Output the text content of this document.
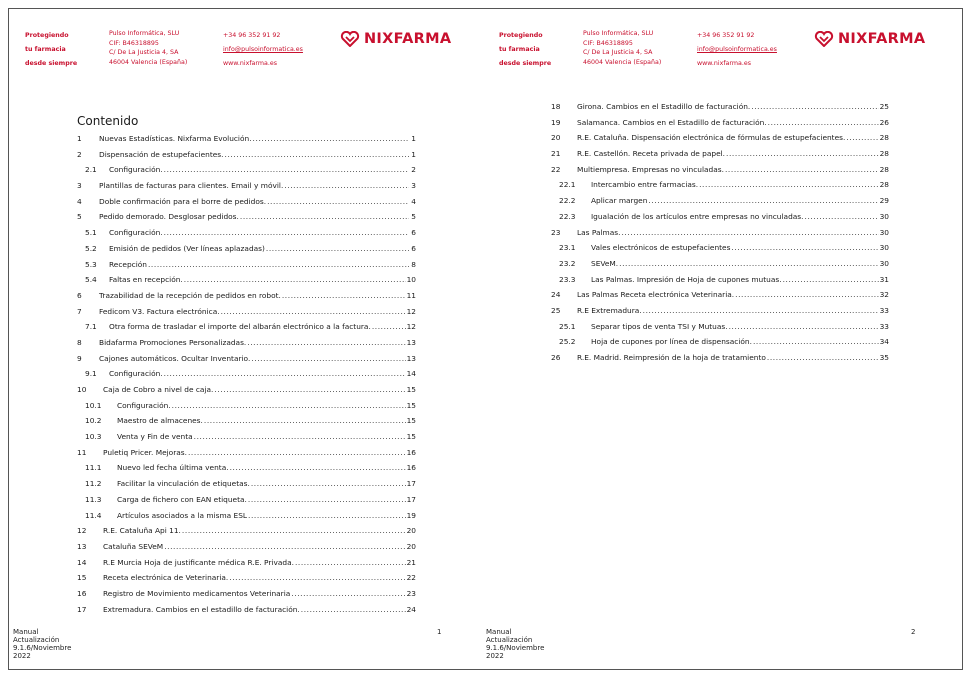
Protegiendo
tu farmacia
desde siempre
Pulso Informática, SLU
CIF: B46318895
C/ De La Justicia 4, SA
46004 Valencia (España)
+34 96 352 91 92
info@pulsoinformatica.es
www.nixfarma.es
NIXFARMA
Contenido
1	Nuevas Estadísticas. Nixfarma Evolución. .....	1
2	Dispensación de estupefacientes. .....	1
2.1	Configuración. .....	2
3	Plantillas de facturas para clientes. Email y móvil. .....	3
4	Doble confirmación para el borre de pedidos. .....	4
5	Pedido demorado. Desglosar pedidos. .....	5
5.1	Configuración. .....	6
5.2	Emisión de pedidos (Ver líneas aplazadas) .....	6
5.3	Recepción .....	8
5.4	Faltas en recepción. .....	10
6	Trazabilidad de la recepción de pedidos en robot. .....	11
7	Fedicom V3. Factura electrónica. .....	12
7.1	Otra forma de trasladar el importe del albarán electrónico a la factura. .....	12
8	Bidafarma Promociones Personalizadas. .....	13
9	Cajones automáticos. Ocultar Inventario. .....	13
9.1	Configuración. .....	14
10	Caja de Cobro a nivel de caja. .....	15
10.1	Configuración. .....	15
10.2	Maestro de almacenes. .....	15
10.3	Venta y Fin de venta .....	15
11	Puletiq Pricer. Mejoras. .....	16
11.1	Nuevo led fecha última venta. .....	16
11.2	Facilitar la vinculación de etiquetas. .....	17
11.3	Carga de fichero con EAN etiqueta. .....	17
11.4	Artículos asociados a la misma ESL .....	19
12	R.E. Cataluña Api 11. .....	20
13	Cataluña SEVeM .....	20
14	R.E Murcia Hoja de justificante médica R.E. Privada. .....	21
15	Receta electrónica de Veterinaria. .....	22
16	Registro de Movimiento medicamentos Veterinaria .....	23
17	Extremadura. Cambios en el estadillo de facturación. .....	24
Manual Actualización 9.1.6/Noviembre 2022
1
Protegiendo
tu farmacia
desde siempre
Pulso Informática, SLU
CIF: B46318895
C/ De La Justicia 4, SA
46004 Valencia (España)
+34 96 352 91 92
info@pulsoinformatica.es
www.nixfarma.es
NIXFARMA
18	Girona. Cambios en el Estadillo de facturación. .....	25
19	Salamanca. Cambios en el Estadillo de facturación. .....	26
20	R.E. Cataluña. Dispensación electrónica de fórmulas de estupefacientes. .....	28
21	R.E. Castellón. Receta privada de papel. .....	28
22	Multiempresa. Empresas no vinculadas. .....	28
22.1	Intercambio entre farmacias. .....	28
22.2	Aplicar margen .....	29
22.3	Igualación de los artículos entre empresas no vinculadas. .....	30
23	Las Palmas. .....	30
23.1	Vales electrónicos de estupefacientes .....	30
23.2	SEVeM. .....	30
23.3	Las Palmas. Impresión de Hoja de cupones mutuas. .....	31
24	Las Palmas Receta electrónica Veterinaria. .....	32
25	R.E Extremadura. .....	33
25.1	Separar tipos de venta TSI y Mutuas. .....	33
25.2	Hoja de cupones por línea de dispensación. .....	34
26	R.E. Madrid. Reimpresión de la hoja de tratamiento .....	35
Manual Actualización 9.1.6/Noviembre 2022
2
